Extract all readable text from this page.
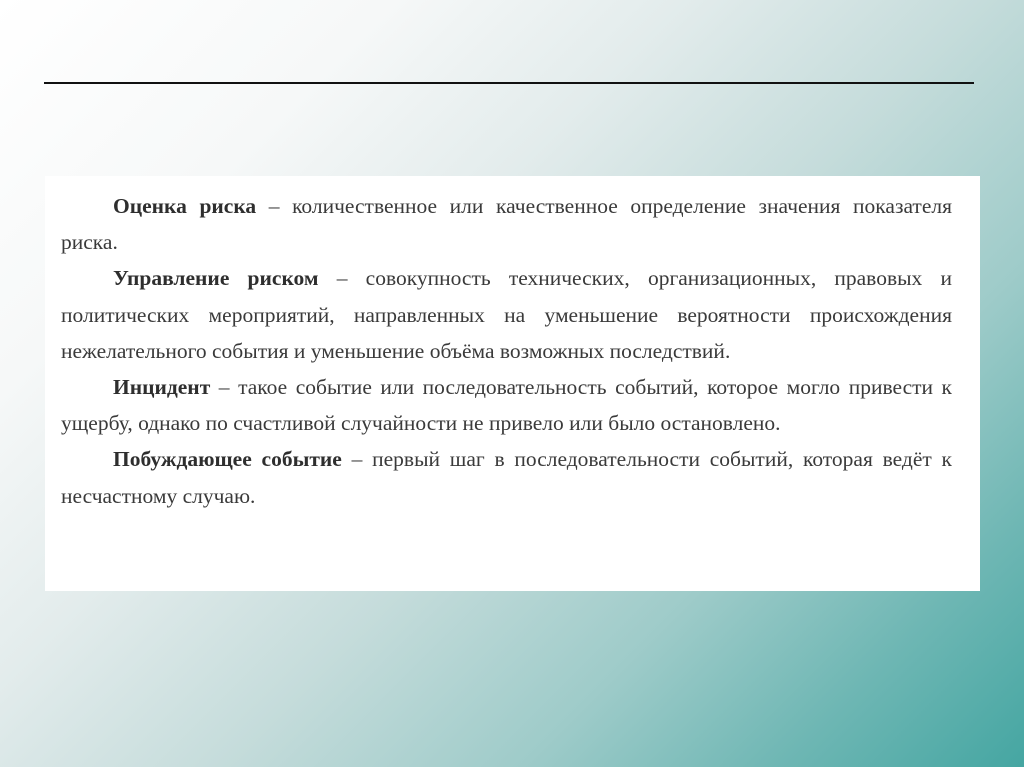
Оценка риска – количественное или качественное определение значения показателя риска.

Управление риском – совокупность технических, организационных, правовых и политических мероприятий, направленных на уменьшение вероятности происхождения нежелательного события и уменьшение объёма возможных последствий.

Инцидент – такое событие или последовательность событий, которое могло привести к ущербу, однако по счастливой случайности не привело или было остановлено.

Побуждающее событие – первый шаг в последовательности событий, которая ведёт к несчастному случаю.
